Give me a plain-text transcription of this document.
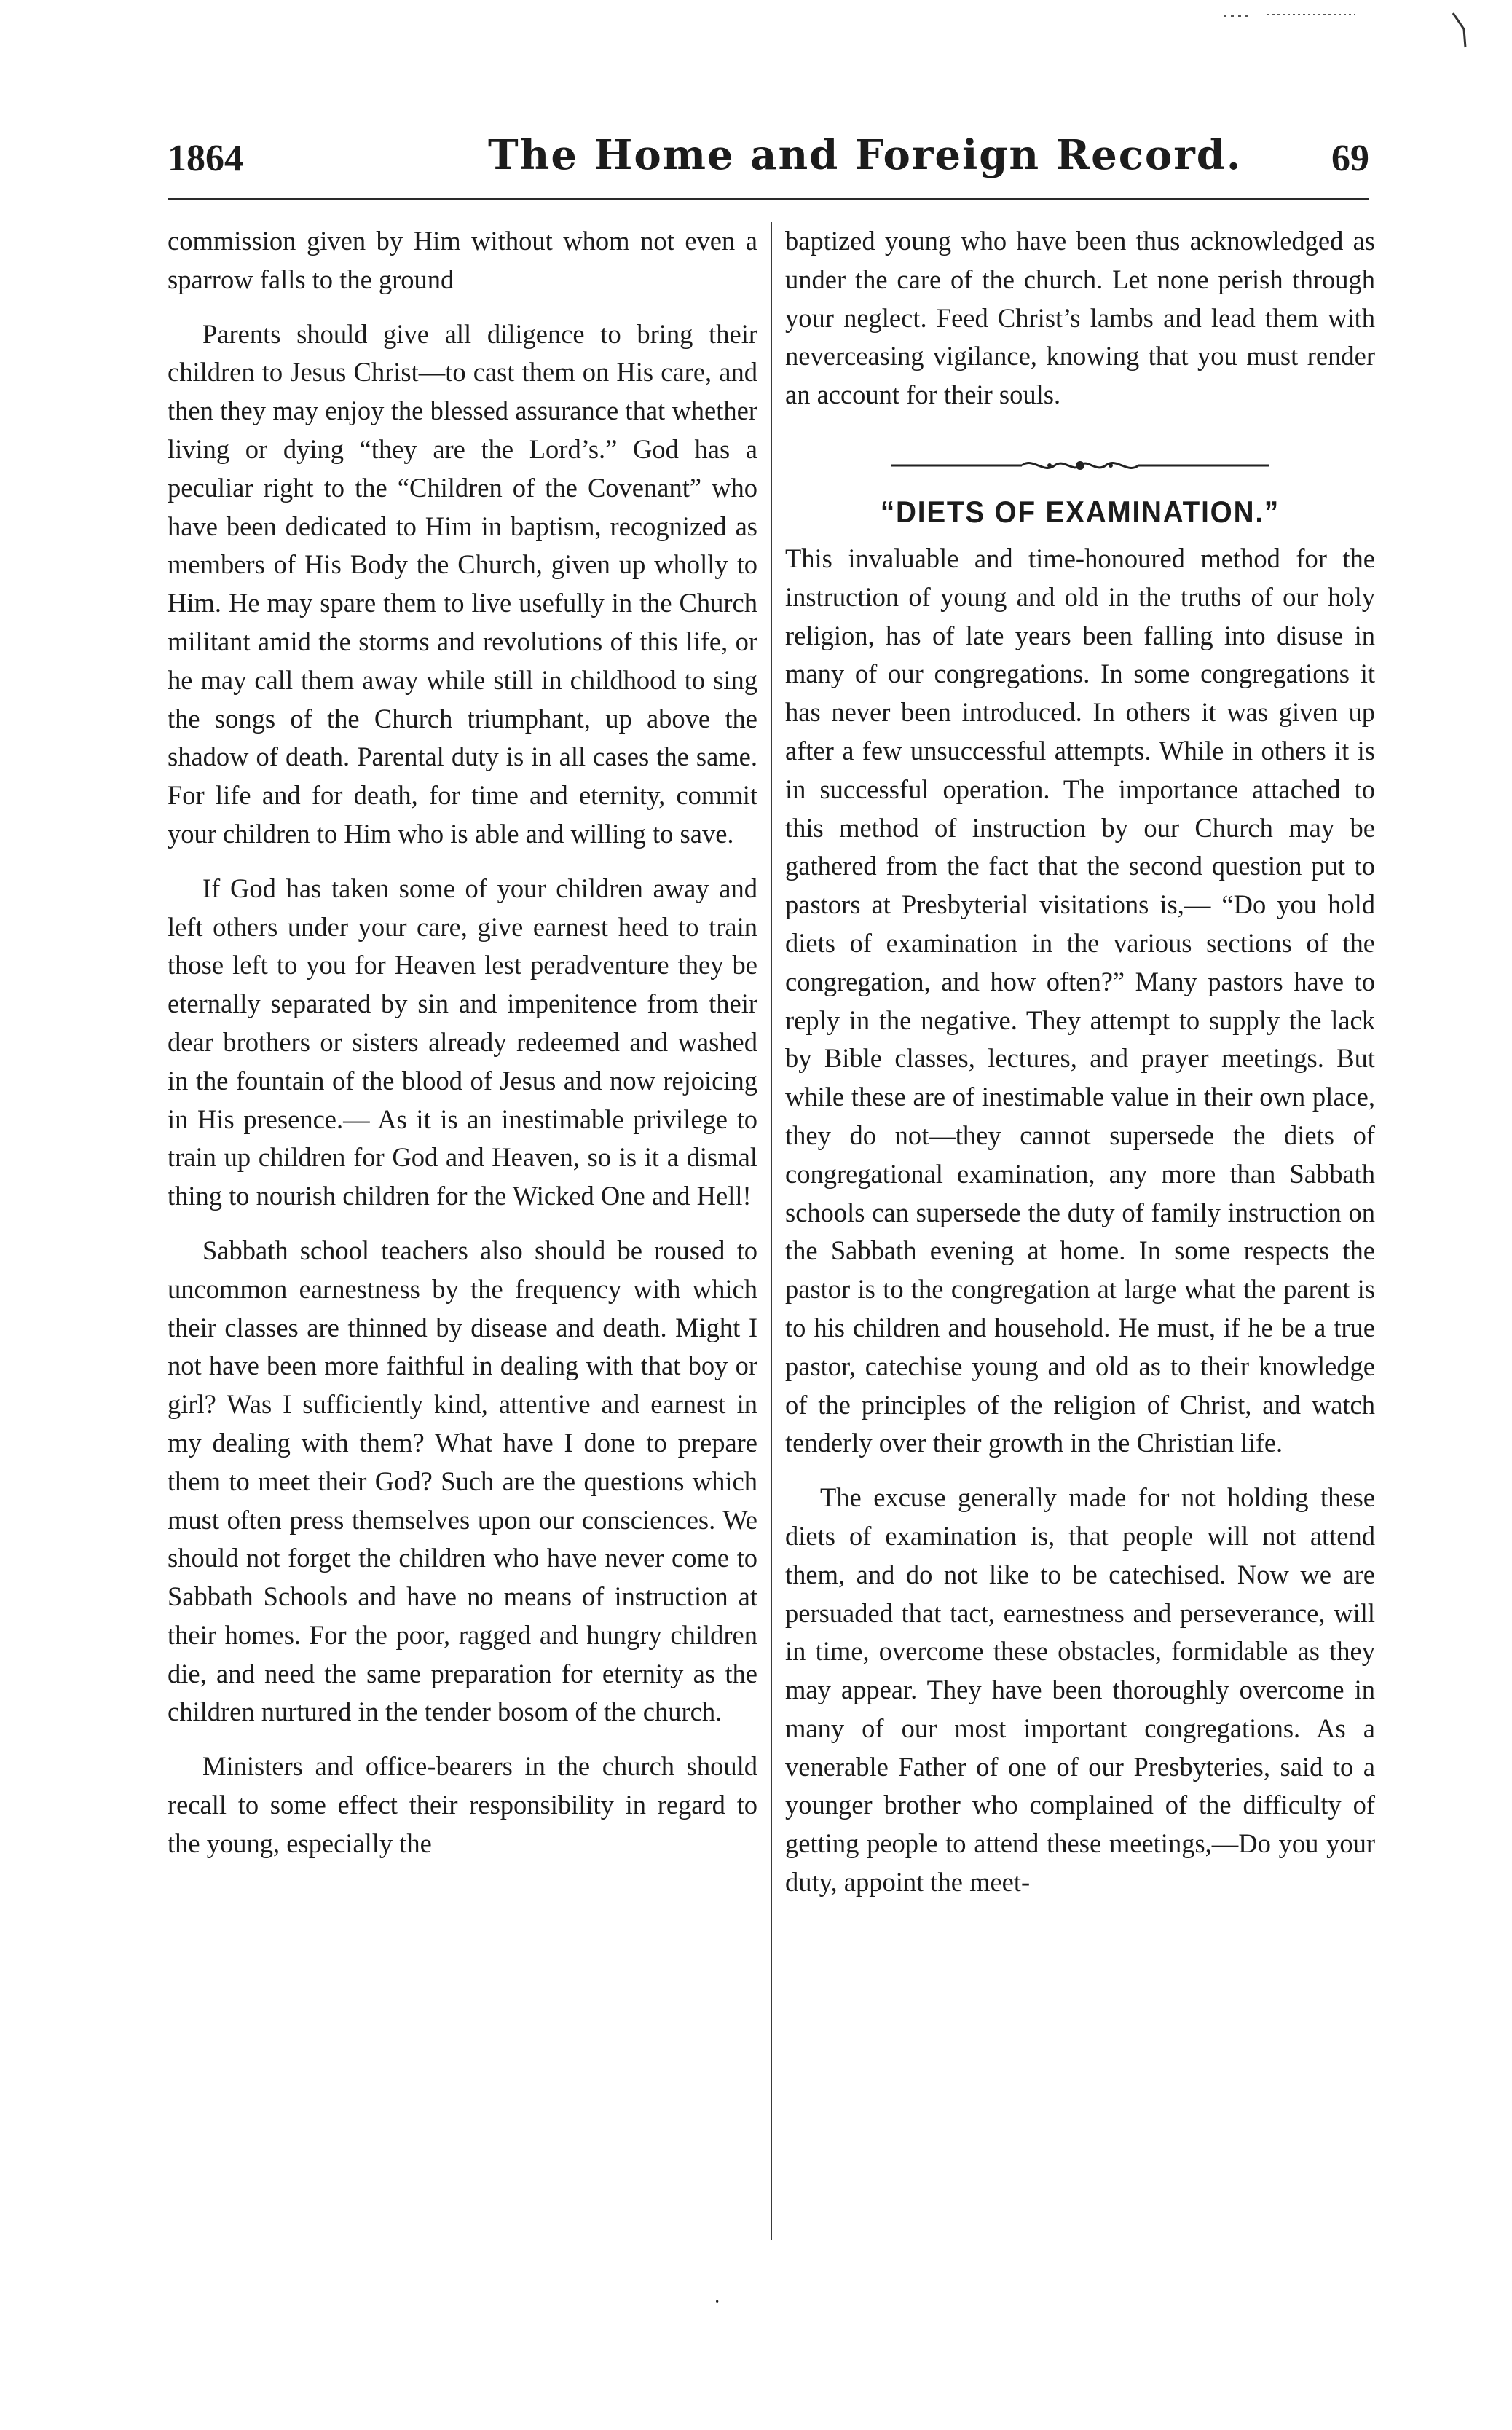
1864	The Home and Foreign Record. 69

commission given by Him without whom not even a sparrow falls to the ground

Parents should give all diligence to bring their children to Jesus Christ—to cast them on His care, and then they may enjoy the blessed assurance that whether living or dying “they are the Lord’s.” God has a peculiar right to the “Children of the Covenant” who have been dedicated to Him in baptism, recognized as members of His Body the Church, given up wholly to Him. He may spare them to live usefully in the Church militant amid the storms and revolutions of this life, or he may call them away while still in childhood to sing the songs of the Church triumphant, up above the shadow of death. Parental duty is in all cases the same. For life and for death, for time and eternity, commit your children to Him who is able and willing to save.

If God has taken some of your children away and left others under your care, give earnest heed to train those left to you for Heaven lest peradventure they be eternally separated by sin and impenitence from their dear brothers or sisters already redeemed and washed in the fountain of the blood of Jesus and now rejoicing in His presence.— As it is an inestimable privilege to train up children for God and Heaven, so is it a dismal thing to nourish children for the Wicked One and Hell!

Sabbath school teachers also should be roused to uncommon earnestness by the frequency with which their classes are thinned by disease and death. Might I not have been more faithful in dealing with that boy or girl? Was I sufficiently kind, attentive and earnest in my dealing with them? What have I done to prepare them to meet their God? Such are the questions which must often press themselves upon our consciences. We should not forget the children who have never come to Sabbath Schools and have no means of instruction at their homes. For the poor, ragged and hungry children die, and need the same preparation for eternity as the children nurtured in the tender bosom of the church.

Ministers and office-bearers in the church should recall to some effect their responsibility in regard to the young, especially the

baptized young who have been thus acknowledged as under the care of the church. Let none perish through your neglect. Feed Christ’s lambs and lead them with neverceasing vigilance, knowing that you must render an account for their souls.

“DIETS OF EXAMINATION.”

This invaluable and time-honoured method for the instruction of young and old in the truths of our holy religion, has of late years been falling into disuse in many of our congregations. In some congregations it has never been introduced. In others it was given up after a few unsuccessful attempts. While in others it is in successful operation. The importance attached to this method of instruction by our Church may be gathered from the fact that the second question put to pastors at Presbyterial visitations is,— “Do you hold diets of examination in the various sections of the congregation, and how often?” Many pastors have to reply in the negative. They attempt to supply the lack by Bible classes, lectures, and prayer meetings. But while these are of inestimable value in their own place, they do not—they cannot supersede the diets of congregational examination, any more than Sabbath schools can supersede the duty of family instruction on the Sabbath evening at home. In some respects the pastor is to the congregation at large what the parent is to his children and household. He must, if he be a true pastor, catechise young and old as to their knowledge of the principles of the religion of Christ, and watch tenderly over their growth in the Christian life.

The excuse generally made for not holding these diets of examination is, that people will not attend them, and do not like to be catechised. Now we are persuaded that tact, earnestness and perseverance, will in time, overcome these obstacles, formidable as they may appear. They have been thoroughly overcome in many of our most important congregations. As a venerable Father of one of our Presbyteries, said to a younger brother who complained of the difficulty of getting people to attend these meetings,—Do you your duty, appoint the meet-

·
